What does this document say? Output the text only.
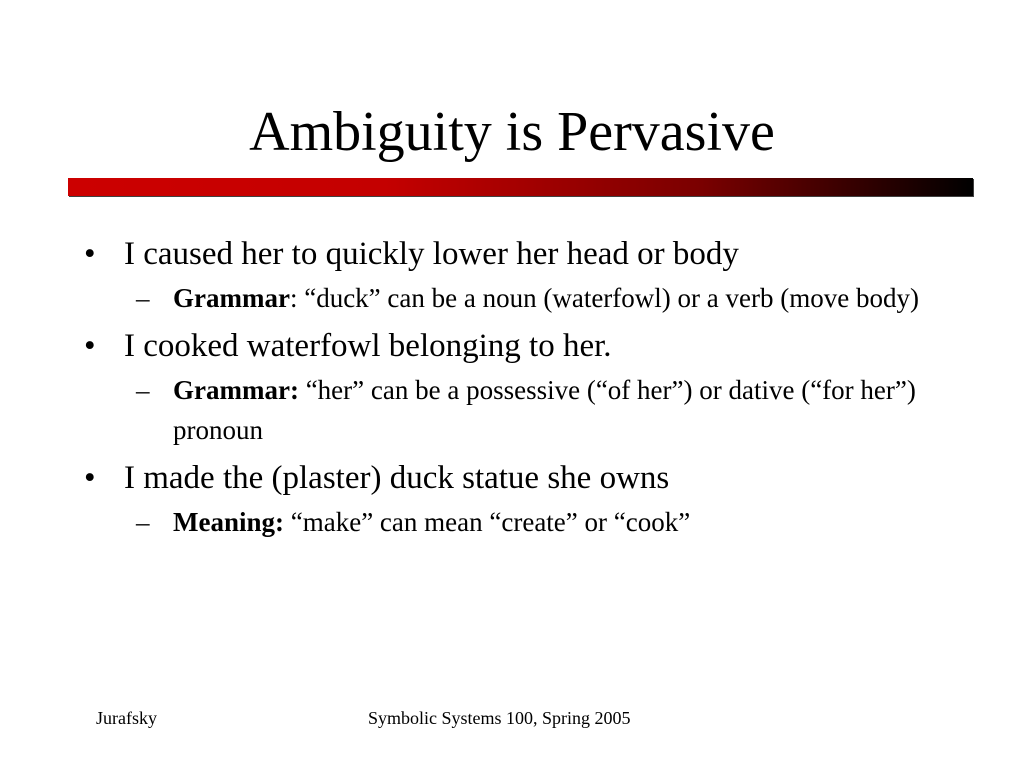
Ambiguity is Pervasive
• I caused her to quickly lower her head or body
– Grammar: “duck” can be a noun (waterfowl) or a verb (move body)
• I cooked waterfowl belonging to her.
– Grammar: “her” can be a possessive (“of her”) or dative (“for her”) pronoun
• I made the (plaster) duck statue she owns
– Meaning: “make” can mean “create” or “cook”
Jurafsky	Symbolic Systems 100, Spring 2005
